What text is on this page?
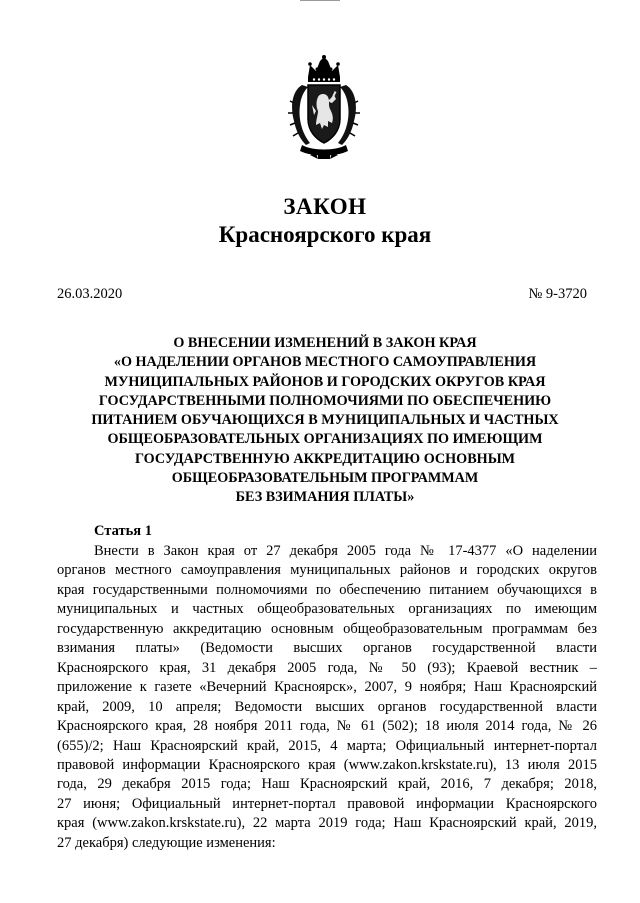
ЗАКОН
Красноярского края
26.03.2020	№ 9-3720
О ВНЕСЕНИИ ИЗМЕНЕНИЙ В ЗАКОН КРАЯ
«О НАДЕЛЕНИИ ОРГАНОВ МЕСТНОГО САМОУПРАВЛЕНИЯ
МУНИЦИПАЛЬНЫХ РАЙОНОВ И ГОРОДСКИХ ОКРУГОВ КРАЯ
ГОСУДАРСТВЕННЫМИ ПОЛНОМОЧИЯМИ ПО ОБЕСПЕЧЕНИЮ
ПИТАНИЕМ ОБУЧАЮЩИХСЯ В МУНИЦИПАЛЬНЫХ И ЧАСТНЫХ
ОБЩЕОБРАЗОВАТЕЛЬНЫХ ОРГАНИЗАЦИЯХ ПО ИМЕЮЩИМ
ГОСУДАРСТВЕННУЮ АККРЕДИТАЦИЮ ОСНОВНЫМ
ОБЩЕОБРАЗОВАТЕЛЬНЫМ ПРОГРАММАМ
БЕЗ ВЗИМАНИЯ ПЛАТЫ»
Статья 1
Внести в Закон края от 27 декабря 2005 года № 17-4377 «О наделении
органов местного самоуправления муниципальных районов и городских округов
края государственными полномочиями по обеспечению питанием обучающихся в
муниципальных и частных общеобразовательных организациях по имеющим
государственную аккредитацию основным общеобразовательным программам без
взимания платы» (Ведомости высших органов государственной власти
Красноярского края, 31 декабря 2005 года, № 50 (93); Краевой вестник –
приложение к газете «Вечерний Красноярск», 2007, 9 ноября; Наш Красноярский
край, 2009, 10 апреля; Ведомости высших органов государственной власти
Красноярского края, 28 ноября 2011 года, № 61 (502); 18 июля 2014 года, № 26
(655)/2; Наш Красноярский край, 2015, 4 марта; Официальный интернет-портал
правовой информации Красноярского края (www.zakon.krskstate.ru), 13 июля 2015
года, 29 декабря 2015 года; Наш Красноярский край, 2016, 7 декабря; 2018,
27 июня; Официальный интернет-портал правовой информации Красноярского
края (www.zakon.krskstate.ru), 22 марта 2019 года; Наш Красноярский край, 2019,
27 декабря) следующие изменения:
